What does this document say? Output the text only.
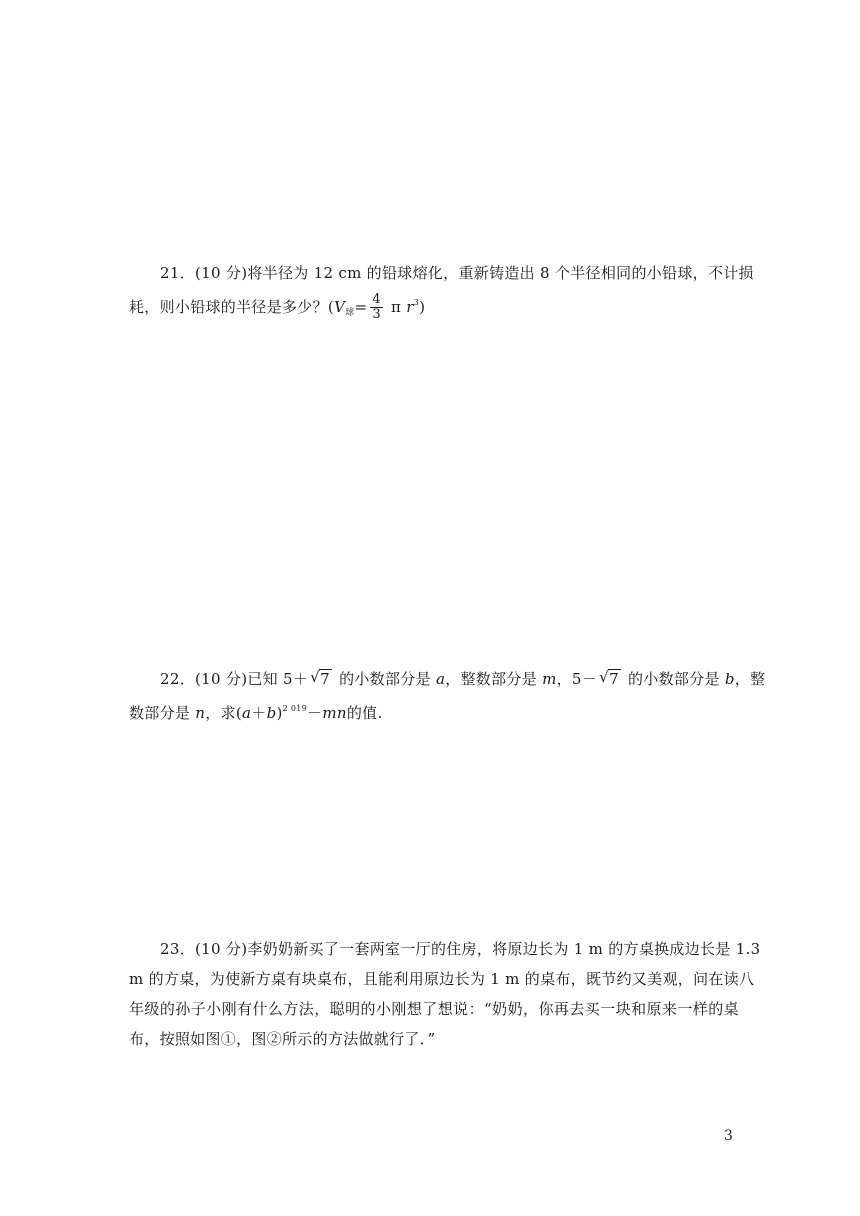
21．(10 分)将半径为 12 cm 的铅球熔化，重新铸造出 8 个半径相同的小铅球，不计损
耗，则小铅球的半径是多少？($V_球= \frac{4}{3}$ π $r^3$)
22．(10 分)已知 5＋ √ 7 的小数部分是 a，整数部分是 m，5－ √ 7 的小数部分是 b，整
数部分是 n，求$(a+b)^{2 019}-mn$的值.
23．(10 分)李奶奶新买了一套两室一厅的住房，将原边长为 1 m 的方桌换成边长是 1.3
m 的方桌，为使新方桌有块桌布，且能利用原边长为 1 m 的桌布，既节约又美观，问在读八
年级的孙子小刚有什么方法，聪明的小刚想了想说：“奶奶，你再去买一块和原来一样的桌
布，按照如图①，图②所示的方法做就行了．”
3
